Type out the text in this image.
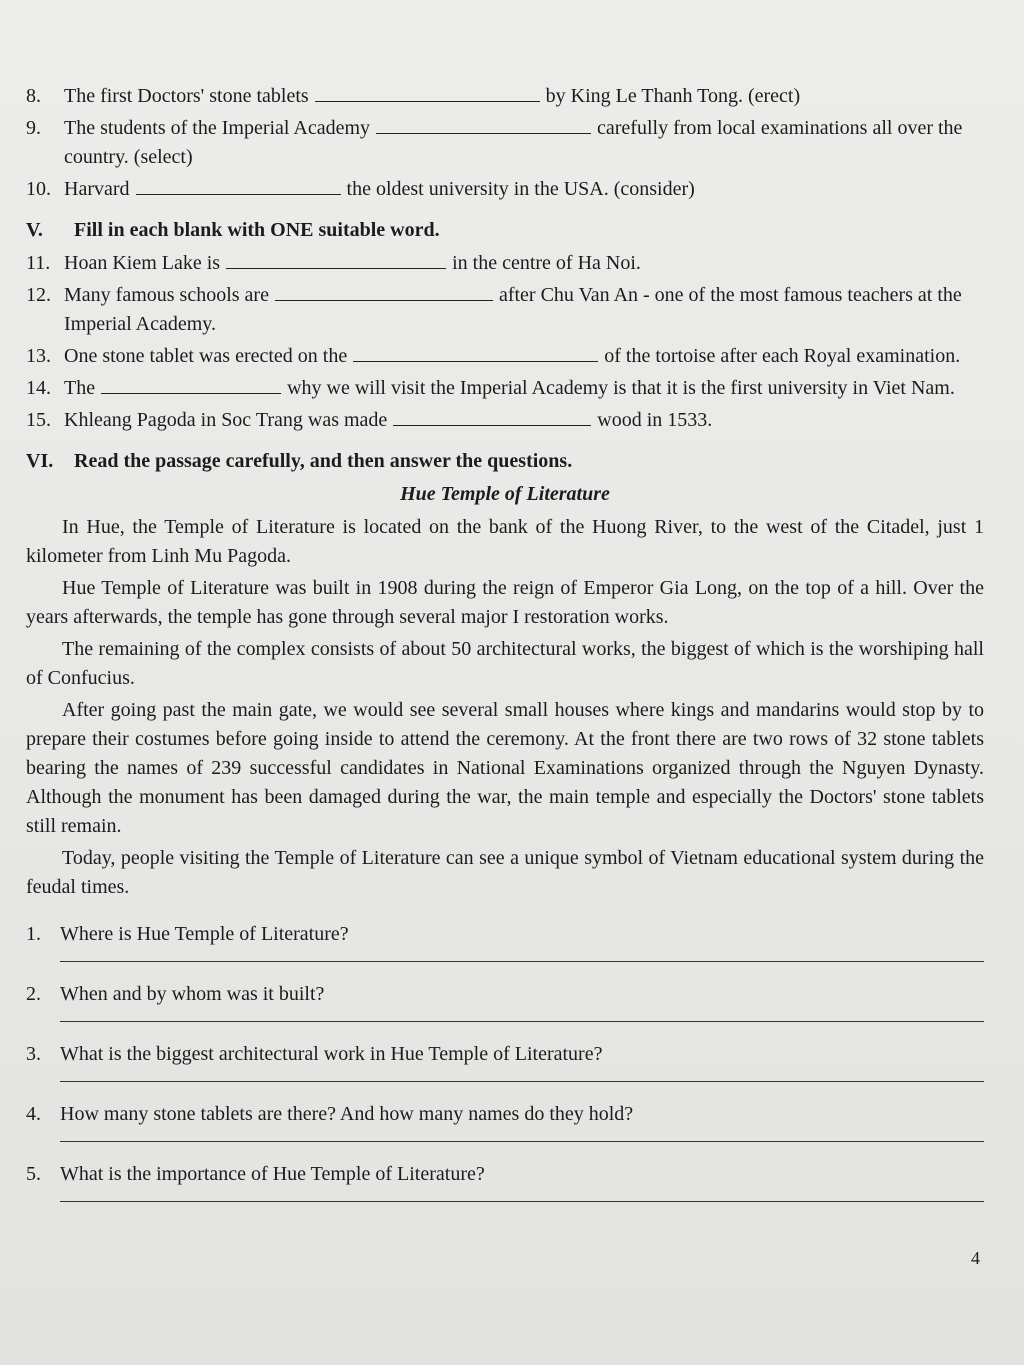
8.	The first Doctors' stone tablets	by King Le Thanh Tong. (erect)
9.	The students of the Imperial Academy	carefully from local examinations all over the country. (select)
10. Harvard	the oldest university in the USA. (consider)
V. Fill in each blank with ONE suitable word.
11. Hoan Kiem Lake is	in the centre of Ha Noi.
12. Many famous schools are	after Chu Van An - one of the most famous teachers at the Imperial Academy.
13. One stone tablet was erected on the	of the tortoise after each Royal examination.
14. The	why we will visit the Imperial Academy is that it is the first university in Viet Nam.
15. Khleang Pagoda in Soc Trang was made	wood in 1533.
VI. Read the passage carefully, and then answer the questions.
Hue Temple of Literature

In Hue, the Temple of Literature is located on the bank of the Huong River, to the west of the Citadel, just 1 kilometer from Linh Mu Pagoda.

Hue Temple of Literature was built in 1908 during the reign of Emperor Gia Long, on the top of a hill. Over the years afterwards, the temple has gone through several major I restoration works.

The remaining of the complex consists of about 50 architectural works, the biggest of which is the worshiping hall of Confucius.

After going past the main gate, we would see several small houses where kings and mandarins would stop by to prepare their costumes before going inside to attend the ceremony. At the front there are two rows of 32 stone tablets bearing the names of 239 successful candidates in National Examinations organized through the Nguyen Dynasty. Although the monument has been damaged during the war, the main temple and especially the Doctors' stone tablets still remain.

Today, people visiting the Temple of Literature can see a unique symbol of Vietnam educational system during the feudal times.

1. Where is Hue Temple of Literature?
2. When and by whom was it built?
3. What is the biggest architectural work in Hue Temple of Literature?
4. How many stone tablets are there? And how many names do they hold?
5. What is the importance of Hue Temple of Literature?
4
